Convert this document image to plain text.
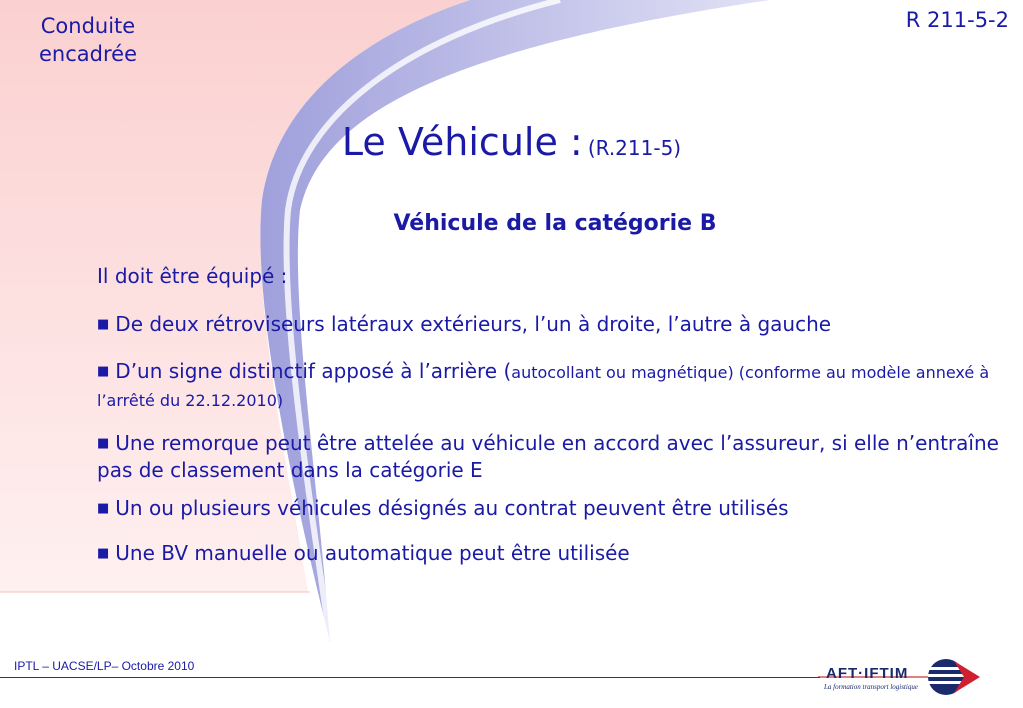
Conduite
encadrée
R 211-5-2
Le Véhicule : (R.211-5)
Véhicule de la catégorie B

Il doit être équipé :

■ De deux rétroviseurs latéraux extérieurs, l’un à droite, l’autre à gauche

■ D’un signe distinctif apposé à l’arrière (autocollant ou magnétique) (conforme au modèle annexé à l’arrêté du 22.12.2010)

■ Une remorque peut être attelée au véhicule en accord avec l’assureur, si elle n’entraîne pas de classement dans la catégorie E

■ Un ou plusieurs véhicules désignés au contrat peuvent être utilisés

■ Une BV manuelle ou automatique peut être utilisée

IPTL – UACSE/LP– Octobre 2010	AFT·IFTIM
La formation transport logistique
